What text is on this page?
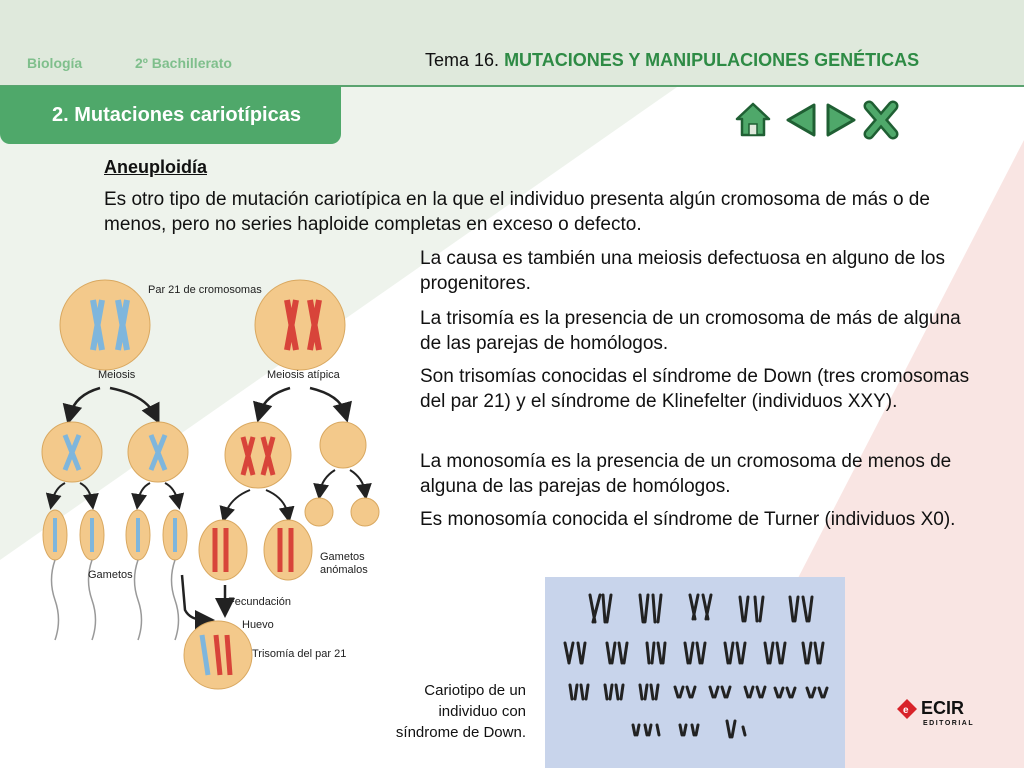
Biología	2º Bachillerato	Tema 16. MUTACIONES Y MANIPULACIONES GENÉTICAS
2. Mutaciones cariotípicas
Aneuploidía
Es otro tipo de mutación cariotípica en la que el individuo presenta algún cromosoma de más o de menos, pero no series haploide completas en exceso o defecto.
La causa es también una meiosis defectuosa en alguno de los progenitores.
La trisomía es la presencia de un cromosoma de más de alguna de las parejas de homólogos.
Son trisomías conocidas el síndrome de Down (tres cromosomas del par 21) y el síndrome de Klinefelter (individuos XXY).
La monosomía es la presencia de un cromosoma de menos de alguna de las parejas de homólogos.
Es monosomía conocida el síndrome de Turner (individuos X0).
Par 21 de cromosomas
Meiosis	Meiosis atípica
Gametos
Gametos
anómalos
Fecundación
Huevo
Trisomía del par 21
Cariotipo de un
individuo con
síndrome de Down.
e ECIR
EDITORIAL
